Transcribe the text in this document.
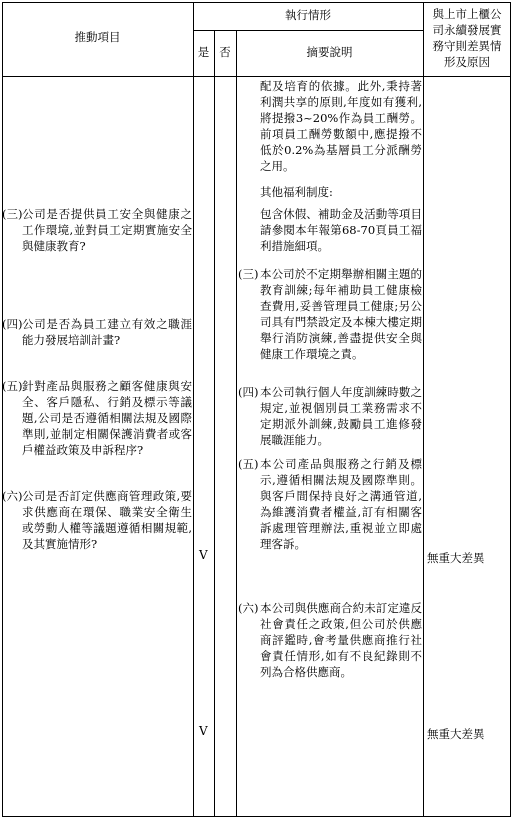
推動項目
執行情形
是 否	摘要說明
與上市上櫃公
司永續發展實
務守則差異情
形及原因
(三) 公司是否提供員工安全與健康之工作環境,並對員工定期實施安全與健康教育?
(四) 公司是否為員工建立有效之職涯能力發展培訓計畫?
(五) 針對產品與服務之顧客健康與安全、客戶隱私、行銷及標示等議題,公司是否遵循相關法規及國際準則,並制定相關保護消費者或客戶權益政策及申訴程序?
(六) 公司是否訂定供應商管理政策,要求供應商在環保、職業安全衛生或勞動人權等議題遵循相關規範,及其實施情形?
V
V
配及培育的依據。此外,秉持著利潤共享的原則,年度如有獲利,將提撥3~20%作為員工酬勞。前項員工酬勞數額中,應提撥不低於0.2%為基層員工分派酬勞之用。
其他福利制度:
包含休假、補助金及活動等項目請參閱本年報第68-70頁員工福利措施細項。
(三) 本公司於不定期舉辦相關主題的教育訓練;每年補助員工健康檢查費用,妥善管理員工健康;另公司具有門禁設定及本棟大樓定期舉行消防演練,善盡提供安全與健康工作環境之責。
(四) 本公司執行個人年度訓練時數之規定,並視個別員工業務需求不定期派外訓練,鼓勵員工進修發展職涯能力。
(五) 本公司產品與服務之行銷及標示,遵循相關法規及國際準則。與客戶間保持良好之溝通管道,為維護消費者權益,訂有相關客訴處理管理辦法,重視並立即處理客訴。
(六) 本公司與供應商合約未訂定違反社會責任之政策,但公司於供應商評鑑時,會考量供應商推行社會責任情形,如有不良紀錄則不列為合格供應商。
無重大差異
無重大差異
